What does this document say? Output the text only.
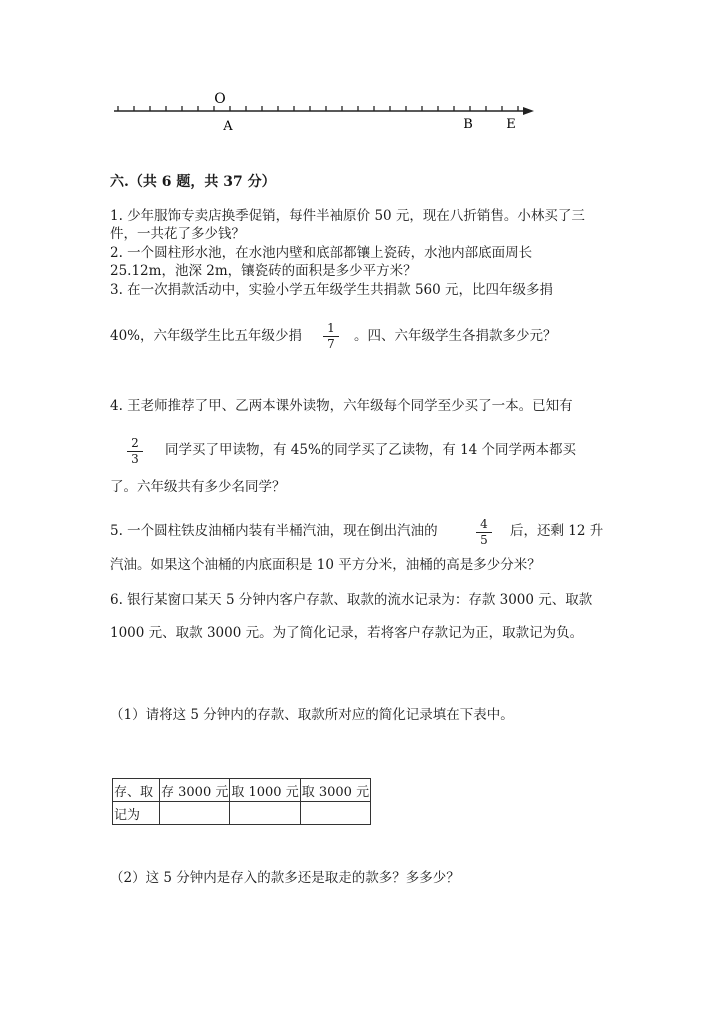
O
A	B	E
六.（共 6 题，共 37 分）
1. 少年服饰专卖店换季促销，每件半袖原价 50 元，现在八折销售。小林买了三
件，一共花了多少钱？
2. 一个圆柱形水池，在水池内壁和底部都镶上瓷砖，水池内部底面周长
25.12m，池深 2m，镶瓷砖的面积是多少平方米？
3. 在一次捐款活动中，实验小学五年级学生共捐款 560 元，比四年级多捐
40%，六年级学生比五年级少捐	1
7	。四、六年级学生各捐款多少元？
4. 王老师推荐了甲、乙两本课外读物，六年级每个同学至少买了一本。已知有
2
3
同学买了甲读物，有 45%的同学买了乙读物，有 14 个同学两本都买
了。六年级共有多少名同学？
5. 一个圆柱铁皮油桶内装有半桶汽油，现在倒出汽油的	4
5
后，还剩 12 升
汽油。如果这个油桶的内底面积是 10 平方分米，油桶的高是多少分米？
6. 银行某窗口某天 5 分钟内客户存款、取款的流水记录为：存款 3000 元、取款
1000 元、取款 3000 元。为了简化记录，若将客户存款记为正，取款记为负。
（1）请将这 5 分钟内的存款、取款所对应的简化记录填在下表中。
存、取	存 3000 元	取 1000 元	取 3000 元
记为			
（2）这 5 分钟内是存入的款多还是取走的款多？多多少？
